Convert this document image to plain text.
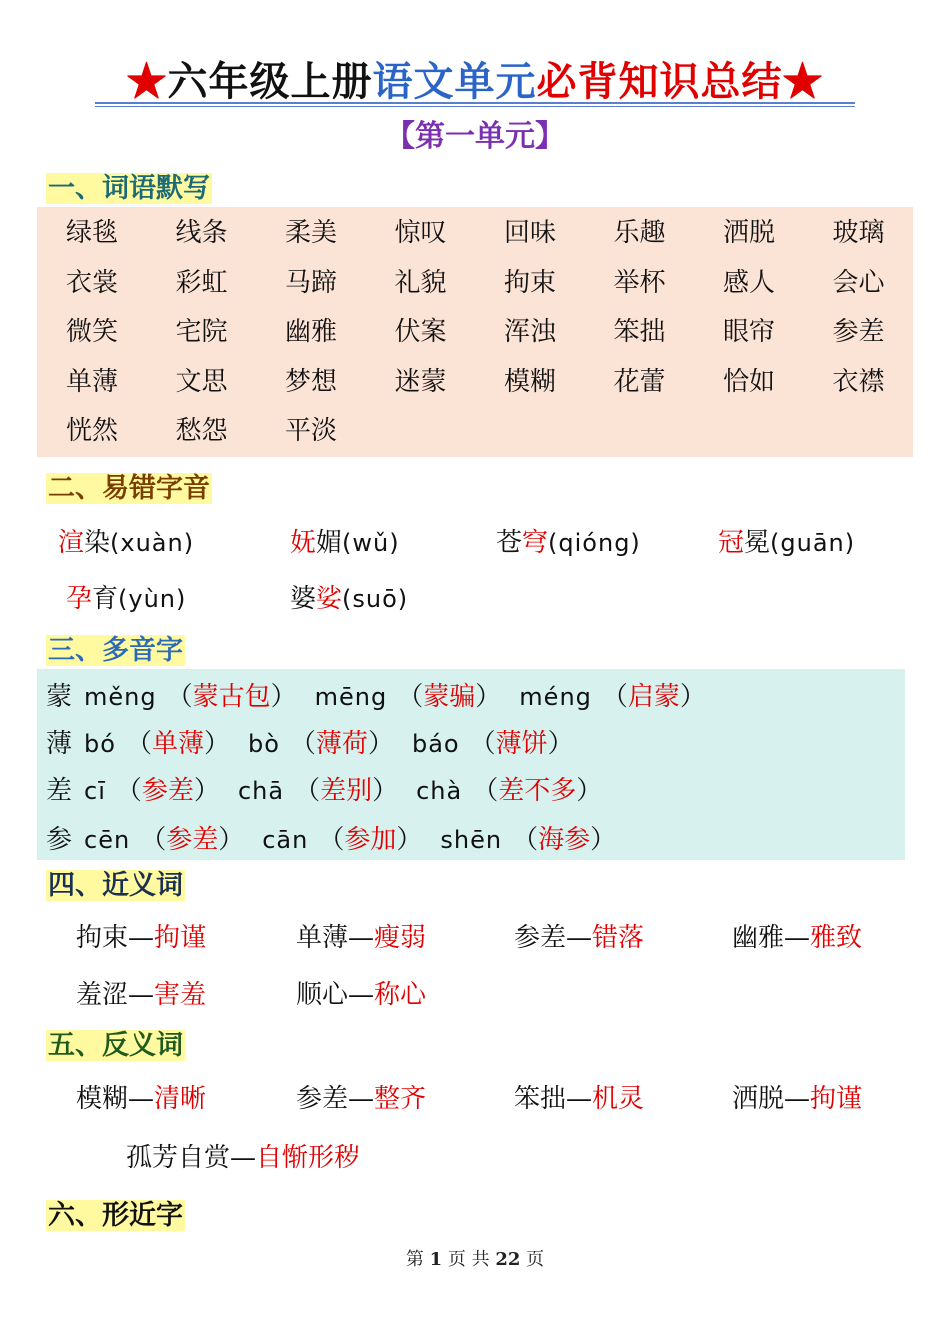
★六年级上册语文单元必背知识总结★
【第一单元】
一、词语默写
绿毯	线条	柔美	惊叹	回味	乐趣	洒脱	玻璃
衣裳	彩虹	马蹄	礼貌	拘束	举杯	感人	会心
微笑	宅院	幽雅	伏案	浑浊	笨拙	眼帘	参差
单薄	文思	梦想	迷蒙	模糊	花蕾	恰如	衣襟
恍然	愁怨	平淡
二、易错字音
渲染(xuàn)	妩媚(wǔ)	苍穹(qióng)	冠冕(guān)
孕育(yùn)	婆娑(suō)
三、多音字
蒙 měng （蒙古包） mēng （蒙骗） méng （启蒙）
薄 bó （单薄） bò （薄荷） báo （薄饼）
差 cī （参差） chā （差别） chà （差不多）
参 cēn （参差） cān （参加） shēn （海参）
四、近义词
拘束—拘谨	单薄—瘦弱	参差—错落	幽雅—雅致
羞涩—害羞	顺心—称心
五、反义词
模糊—清晰	参差—整齐	笨拙—机灵	洒脱—拘谨
孤芳自赏—自惭形秽
六、形近字
第 1 页 共 22 页
